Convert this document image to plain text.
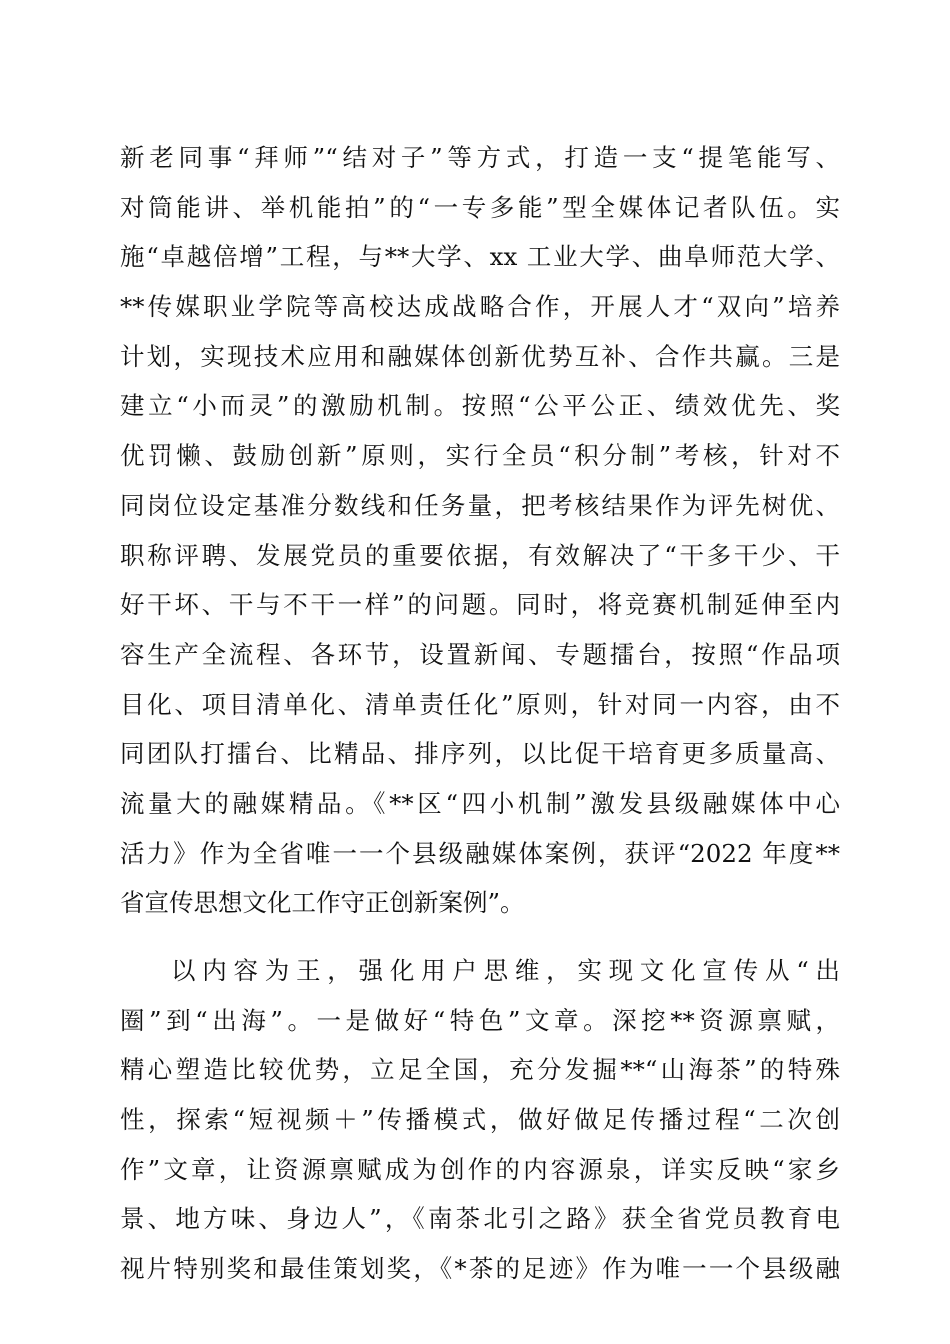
新老同事“拜师”“结对子”等方式，打造一支“提笔能写、
对筒能讲、举机能拍”的“一专多能”型全媒体记者队伍。实
施“卓越倍增”工程，与**大学、xx 工业大学、曲阜师范大学、
**传媒职业学院等高校达成战略合作，开展人才“双向”培养
计划，实现技术应用和融媒体创新优势互补、合作共赢。三是
建立“小而灵”的激励机制。按照“公平公正、绩效优先、奖
优罚懒、鼓励创新”原则，实行全员“积分制”考核，针对不
同岗位设定基准分数线和任务量，把考核结果作为评先树优、
职称评聘、发展党员的重要依据，有效解决了“干多干少、干
好干坏、干与不干一样”的问题。同时，将竞赛机制延伸至内
容生产全流程、各环节，设置新闻、专题擂台，按照“作品项
目化、项目清单化、清单责任化”原则，针对同一内容，由不
同团队打擂台、比精品、排序列，以比促干培育更多质量高、
流量大的融媒精品。《**区“四小机制”激发县级融媒体中心
活力》作为全省唯一一个县级融媒体案例，获评“2022 年度**
省宣传思想文化工作守正创新案例”。
以内容为王，强化用户思维，实现文化宣传从“出
圈”到“出海”。一是做好“特色”文章。深挖**资源禀赋，
精心塑造比较优势，立足全国，充分发掘**“山海茶”的特殊
性，探索“短视频＋”传播模式，做好做足传播过程“二次创
作”文章，让资源禀赋成为创作的内容源泉，详实反映“家乡
景、地方味、身边人”，《南茶北引之路》获全省党员教育电
视片特别奖和最佳策划奖，《*茶的足迹》作为唯一一个县级融
